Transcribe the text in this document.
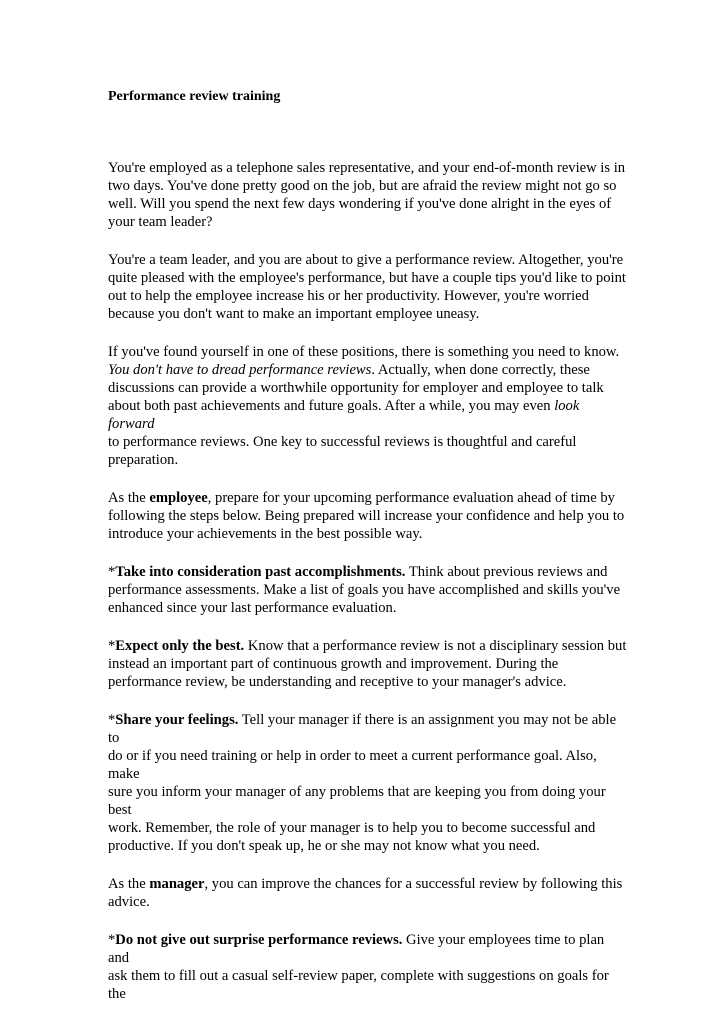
Performance review training

You're employed as a telephone sales representative, and your end-of-month review is in
two days. You've done pretty good on the job, but are afraid the review might not go so
well. Will you spend the next few days wondering if you've done alright in the eyes of
your team leader?

You're a team leader, and you are about to give a performance review. Altogether, you're
quite pleased with the employee's performance, but have a couple tips you'd like to point
out to help the employee increase his or her productivity. However, you're worried
because you don't want to make an important employee uneasy.

If you've found yourself in one of these positions, there is something you need to know.
You don't have to dread performance reviews. Actually, when done correctly, these
discussions can provide a worthwhile opportunity for employer and employee to talk
about both past achievements and future goals. After a while, you may even look forward
to performance reviews. One key to successful reviews is thoughtful and careful
preparation.

As the employee, prepare for your upcoming performance evaluation ahead of time by
following the steps below. Being prepared will increase your confidence and help you to
introduce your achievements in the best possible way.

*Take into consideration past accomplishments. Think about previous reviews and
performance assessments. Make a list of goals you have accomplished and skills you've
enhanced since your last performance evaluation.

*Expect only the best. Know that a performance review is not a disciplinary session but
instead an important part of continuous growth and improvement. During the
performance review, be understanding and receptive to your manager's advice.

*Share your feelings. Tell your manager if there is an assignment you may not be able to
do or if you need training or help in order to meet a current performance goal. Also, make
sure you inform your manager of any problems that are keeping you from doing your best
work. Remember, the role of your manager is to help you to become successful and
productive. If you don't speak up, he or she may not know what you need.

As the manager, you can improve the chances for a successful review by following this
advice.

*Do not give out surprise performance reviews. Give your employees time to plan and
ask them to fill out a casual self-review paper, complete with suggestions on goals for the
